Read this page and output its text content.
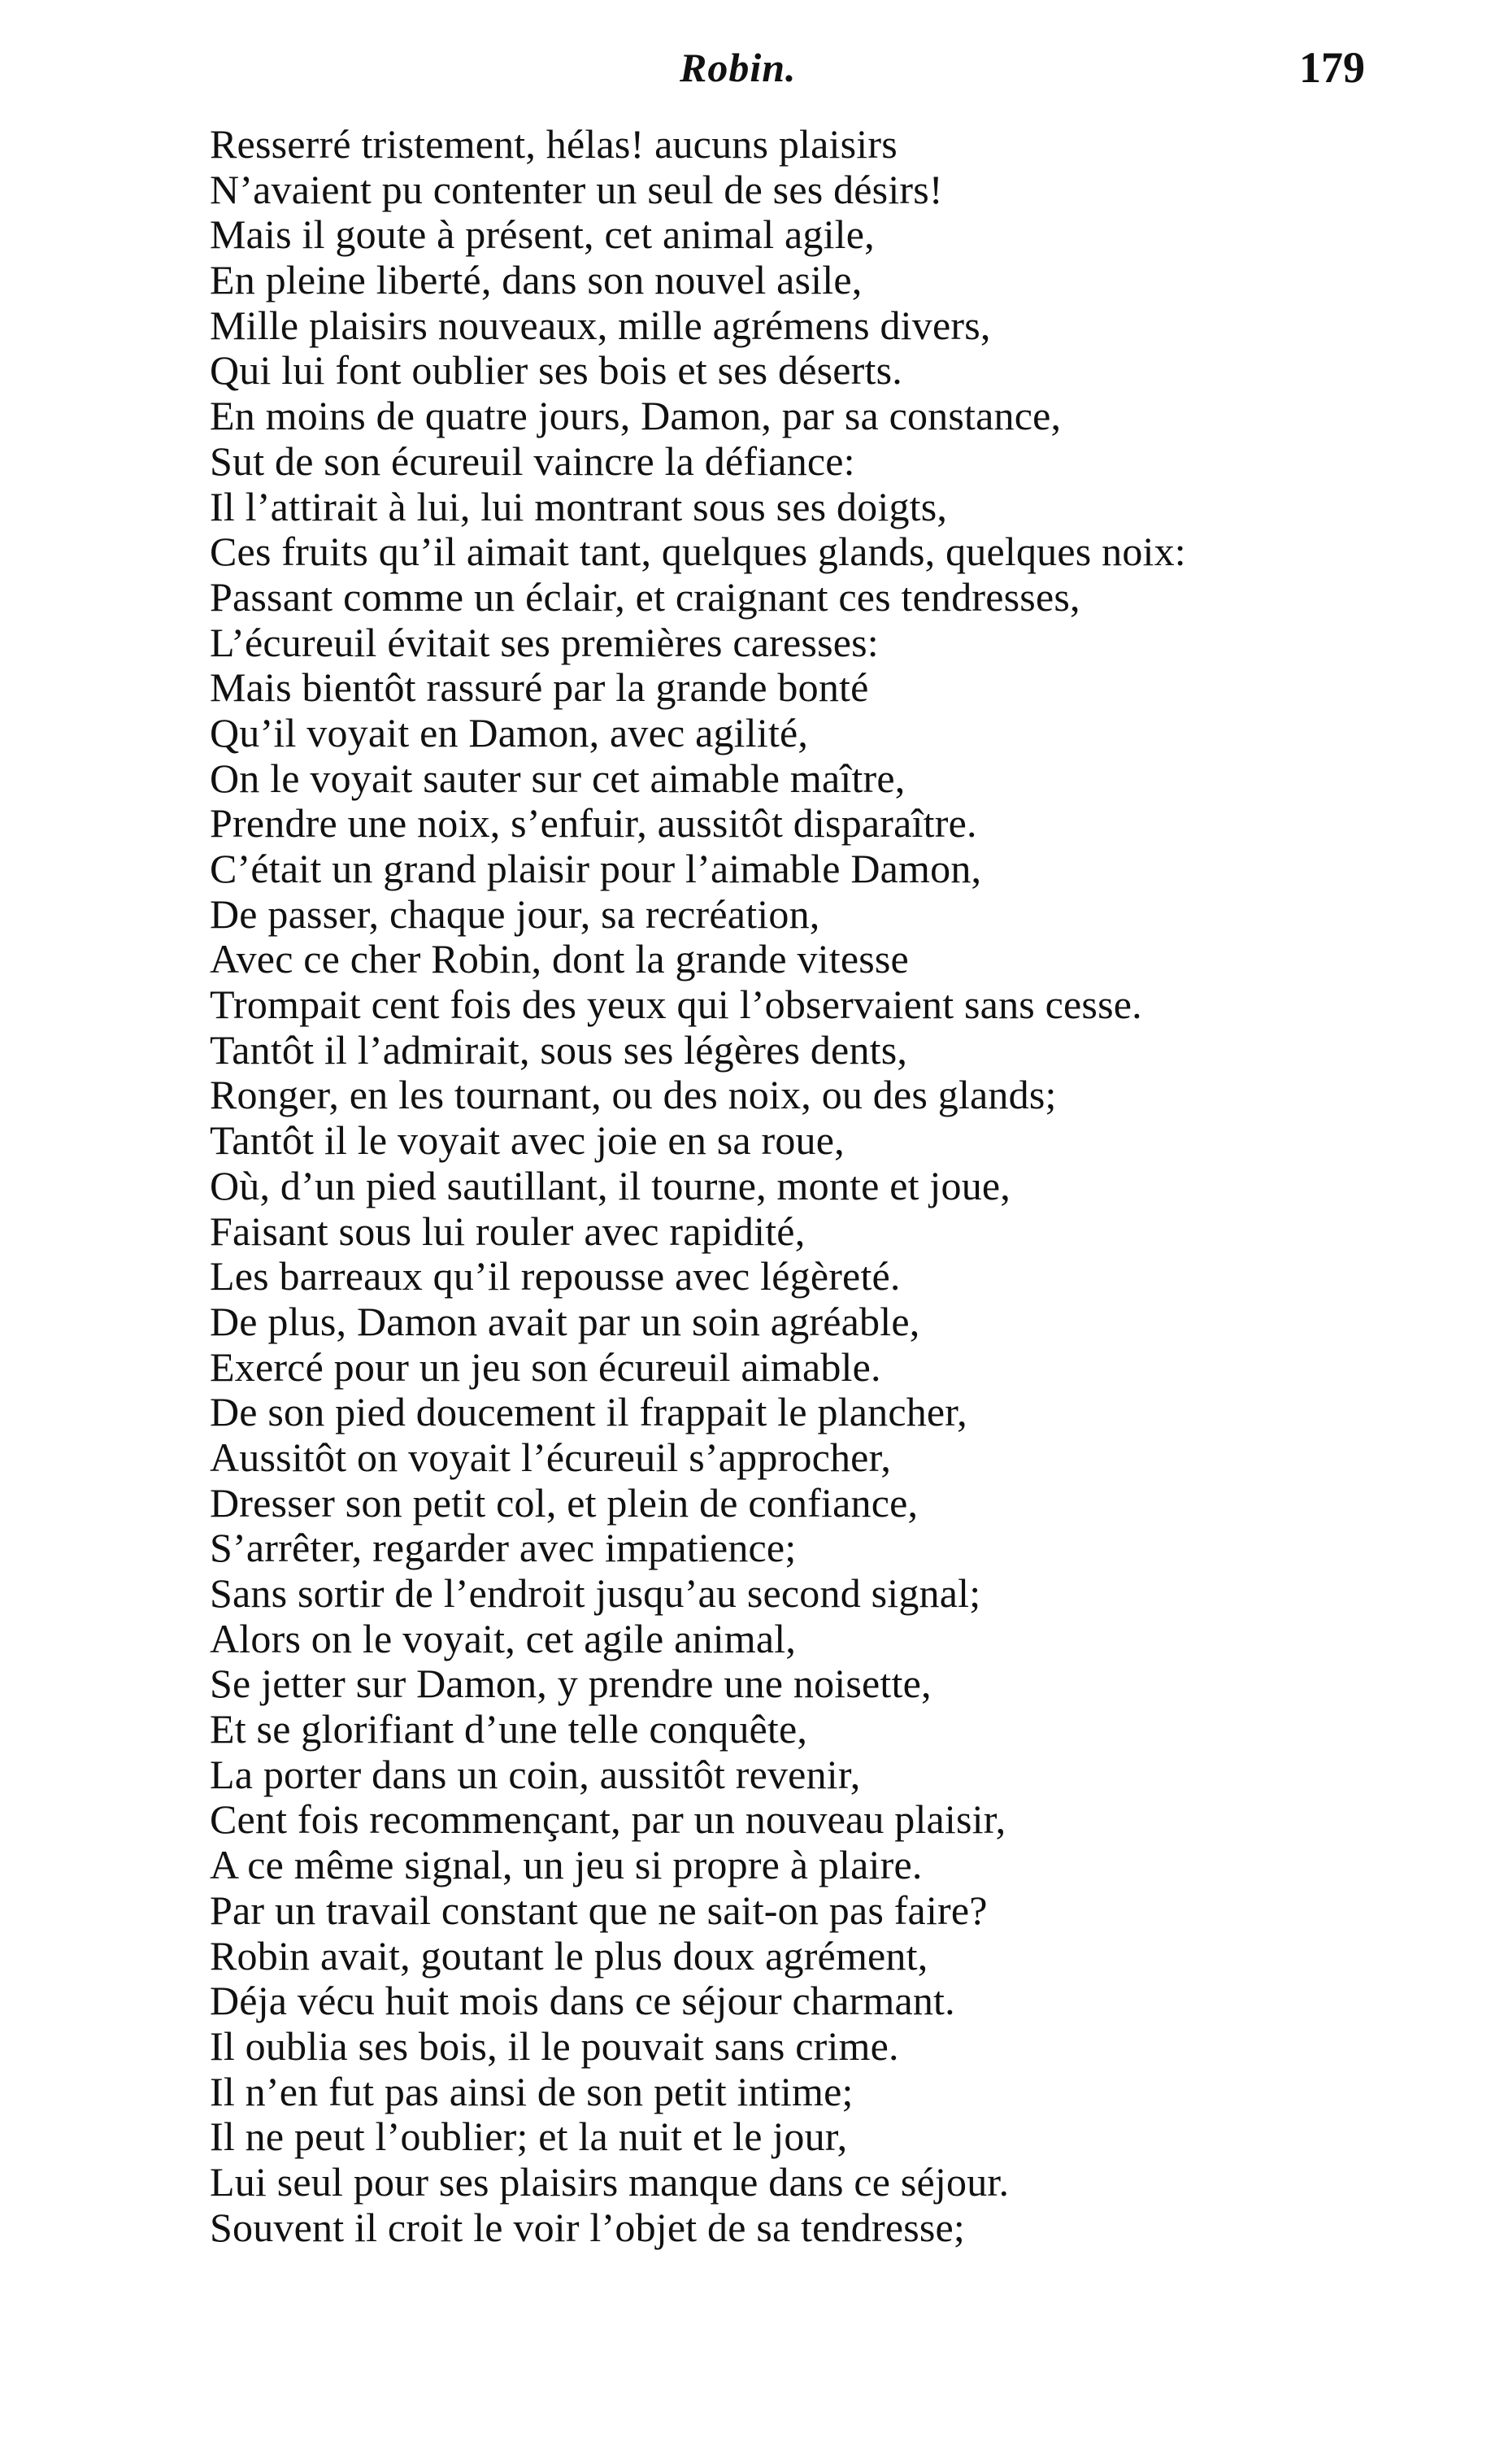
Robin.	179
Resserré tristement, hélas! aucuns plaisirs
N’avaient pu contenter un seul de ses désirs!
Mais il goute à présent, cet animal agile,
En pleine liberté, dans son nouvel asile,
Mille plaisirs nouveaux, mille agrémens divers,
Qui lui font oublier ses bois et ses déserts.
En moins de quatre jours, Damon, par sa constance,
Sut de son écureuil vaincre la défiance:
Il l’attirait à lui, lui montrant sous ses doigts,
Ces fruits qu’il aimait tant, quelques glands, quelques noix:
Passant comme un éclair, et craignant ces tendresses,
L’écureuil évitait ses premières caresses:
Mais bientôt rassuré par la grande bonté
Qu’il voyait en Damon, avec agilité,
On le voyait sauter sur cet aimable maître,
Prendre une noix, s’enfuir, aussitôt disparaître.
C’était un grand plaisir pour l’aimable Damon,
De passer, chaque jour, sa recréation,
Avec ce cher Robin, dont la grande vitesse
Trompait cent fois des yeux qui l’observaient sans cesse.
Tantôt il l’admirait, sous ses légères dents,
Ronger, en les tournant, ou des noix, ou des glands;
Tantôt il le voyait avec joie en sa roue,
Où, d’un pied sautillant, il tourne, monte et joue,
Faisant sous lui rouler avec rapidité,
Les barreaux qu’il repousse avec légèreté.
De plus, Damon avait par un soin agréable,
Exercé pour un jeu son écureuil aimable.
De son pied doucement il frappait le plancher,
Aussitôt on voyait l’écureuil s’approcher,
Dresser son petit col, et plein de confiance,
S’arrêter, regarder avec impatience;
Sans sortir de l’endroit jusqu’au second signal;
Alors on le voyait, cet agile animal,
Se jetter sur Damon, y prendre une noisette,
Et se glorifiant d’une telle conquête,
La porter dans un coin, aussitôt revenir,
Cent fois recommençant, par un nouveau plaisir,
A ce même signal, un jeu si propre à plaire.
Par un travail constant que ne sait-on pas faire?
Robin avait, goutant le plus doux agrément,
Déja vécu huit mois dans ce séjour charmant.
Il oublia ses bois, il le pouvait sans crime.
Il n’en fut pas ainsi de son petit intime;
Il ne peut l’oublier; et la nuit et le jour,
Lui seul pour ses plaisirs manque dans ce séjour.
Souvent il croit le voir l’objet de sa tendresse;
